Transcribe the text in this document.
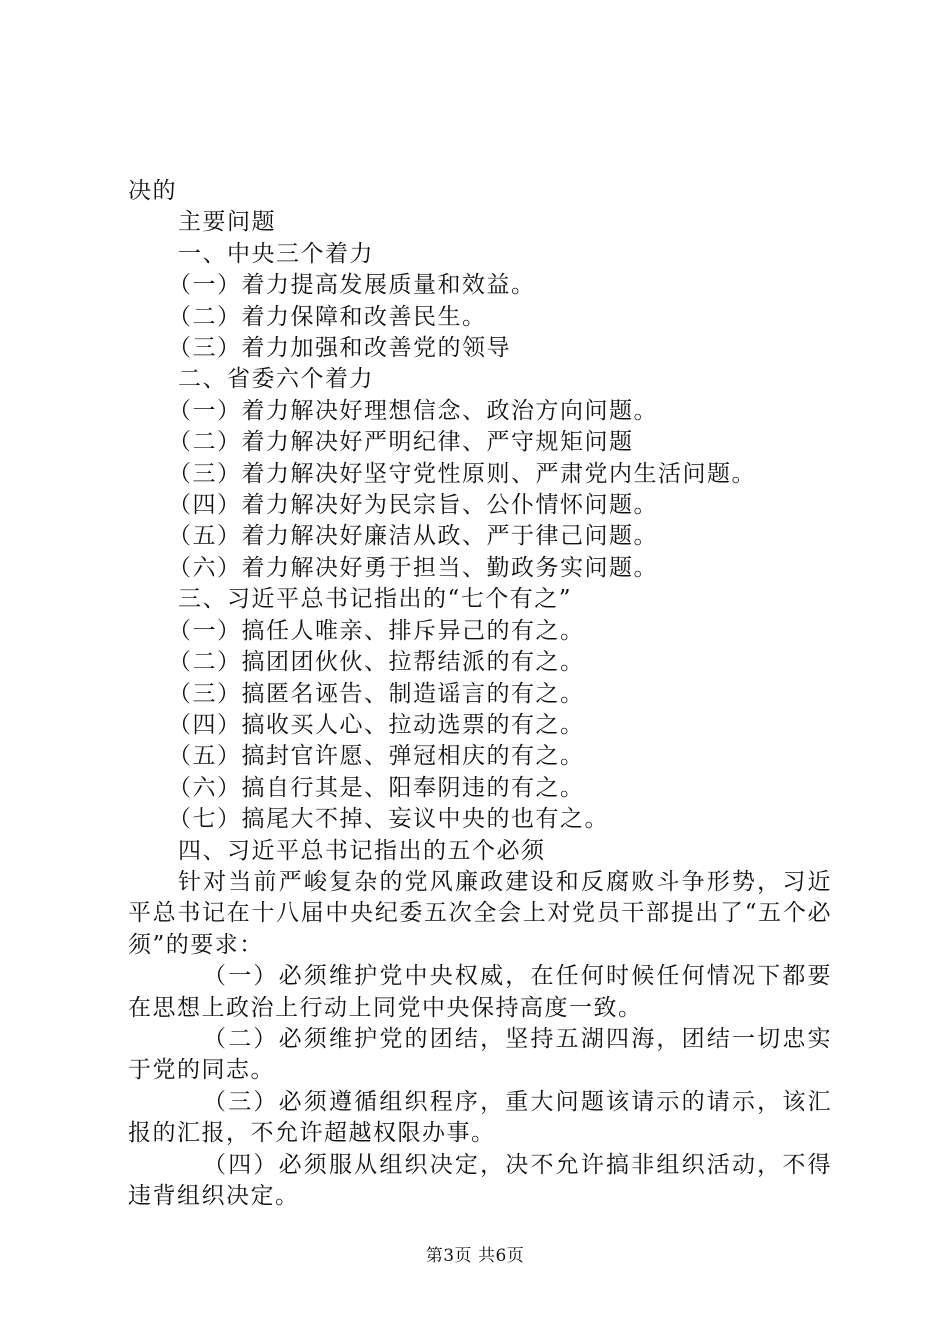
决的

主要问题

一、中央三个着力

（一）着力提高发展质量和效益。

（二）着力保障和改善民生。

（三）着力加强和改善党的领导

二、省委六个着力

（一）着力解决好理想信念、政治方向问题。

（二）着力解决好严明纪律、严守规矩问题

（三）着力解决好坚守党性原则、严肃党内生活问题。

（四）着力解决好为民宗旨、公仆情怀问题。

（五）着力解决好廉洁从政、严于律己问题。

（六）着力解决好勇于担当、勤政务实问题。

三、习近平总书记指出的“七个有之”

（一）搞任人唯亲、排斥异己的有之。

（二）搞团团伙伙、拉帮结派的有之。

（三）搞匿名诬告、制造谣言的有之。

（四）搞收买人心、拉动选票的有之。

（五）搞封官许愿、弹冠相庆的有之。

（六）搞自行其是、阳奉阴违的有之。

（七）搞尾大不掉、妄议中央的也有之。

四、习近平总书记指出的五个必须

针对当前严峻复杂的党风廉政建设和反腐败斗争形势，习近平总书记在十八届中央纪委五次全会上对党员干部提出了“五个必须”的要求：

（一）必须维护党中央权威，在任何时候任何情况下都要在思想上政治上行动上同党中央保持高度一致。

（二）必须维护党的团结，坚持五湖四海，团结一切忠实于党的同志。

（三）必须遵循组织程序，重大问题该请示的请示，该汇报的汇报，不允许超越权限办事。

（四）必须服从组织决定，决不允许搞非组织活动，不得违背组织决定。

第3页 共6页
